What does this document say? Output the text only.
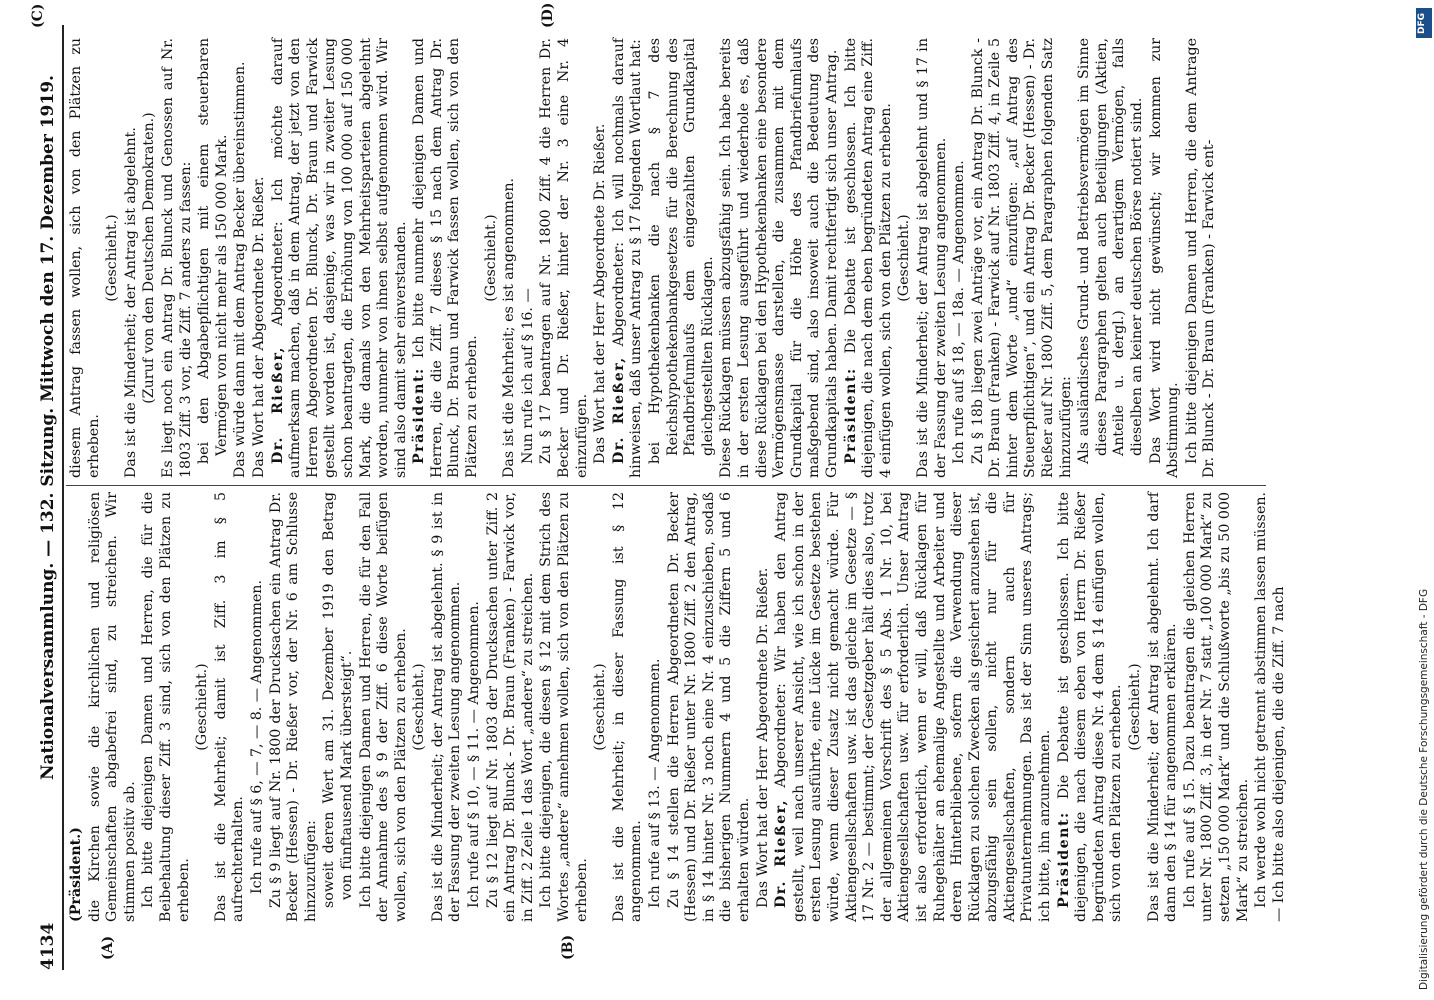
4134
Nationalversammlung. — 132. Sitzung. Mittwoch den 17. Dezember 1919.
(A)	(B)
(C)	(D)

(Präsident.) die Kirchen sowie die kirchlichen und religiösen Gemeinschaften abgabefrei sind, zu streichen. Wir stimmen positiv ab. Ich bitte diejenigen Damen und Herren, die für die Beibehaltung dieser Ziff. 3 sind, sich von den Plätzen zu erheben.

(Geschieht.) Das ist die Mehrheit; damit ist Ziff. 3 im § 5 aufrechterhalten. Ich rufe auf § 6, — 7, — 8. — Angenommen. Zu § 9 liegt auf Nr. 1800 der Drucksachen ein Antrag Dr. Becker (Hessen) - Dr. Rießer vor, der Nr. 6 am Schlusse hinzuzufügen: soweit deren Wert am 31. Dezember 1919 den Betrag von fünftausend Mark übersteigt“. Ich bitte diejenigen Damen und Herren, die für den Fall der Annahme des § 9 der Ziff. 6 diese Worte beifügen wollen, sich von den Plätzen zu erheben. (Geschieht.) Das ist die Minderheit; der Antrag ist abgelehnt. § 9 ist in der Fassung der zweiten Lesung angenommen. Ich rufe auf § 10, — § 11. — Angenommen. Zu § 12 liegt auf Nr. 1803 der Drucksachen unter Ziff. 2 ein Antrag Dr. Blunck - Dr. Braun (Franken) - Farwick vor, in Ziff. 2 Zeile 1 das Wort „andere“ zu streichen. Ich bitte diejenigen, die diesen § 12 mit dem Strich des Wortes „andere“ annehmen wollen, sich von den Plätzen zu erheben.

(Geschieht.) Das ist die Mehrheit; in dieser Fassung ist § 12 angenommen. Ich rufe auf § 13. — Angenommen. Zu § 14 stellen die Herren Abgeordneten Dr. Becker (Hessen) und Dr. Rießer unter Nr. 1800 Ziff. 2 den Antrag, in § 14 hinter Nr. 3 noch eine Nr. 4 einzuschieben, sodaß die bisherigen Nummern 4 und 5 die Ziffern 5 und 6 erhalten würden. Das Wort hat der Herr Abgeordnete Dr. Rießer. Dr. Rießer, Abgeordneter: Wir haben den Antrag gestellt, weil nach unserer Ansicht, wie ich schon in der ersten Lesung ausführte, eine Lücke im Gesetze bestehen würde, wenn dieser Zusatz nicht gemacht würde. Für Aktiengesellschaften usw. ist das gleiche im Gesetze — § 17 Nr. 2 — bestimmt; der Gesetzgeber hält dies also, trotz der allgemeinen Vorschrift des § 5 Abs. 1 Nr. 10, bei Aktiengesellschaften usw. für erforderlich. Unser Antrag ist also erforderlich, wenn er will, daß Rücklagen für Ruhegehälter an ehemalige Angestellte und Arbeiter und deren Hinterbliebene, sofern die Verwendung dieser Rücklagen zu solchen Zwecken als gesichert anzusehen ist, abzugsfähig sein sollen, nicht nur für die Aktiengesellschaften, sondern auch für Privatunternehmungen. Das ist der Sinn unseres Antrags; ich bitte, ihn anzunehmen. Präsident: Die Debatte ist geschlossen. Ich bitte diejenigen, die nach diesem eben von Herrn Dr. Rießer begründeten Antrag diese Nr. 4 dem § 14 einfügen wollen, sich von den Plätzen zu erheben. (Geschieht.) Das ist die Minderheit; der Antrag ist abgelehnt. Ich darf dann den § 14 für angenommen erklären. Ich rufe auf § 15. Dazu beantragen die gleichen Herren unter Nr. 1800 Ziff. 3, in der Nr. 7 statt „100 000 Mark“ zu setzen „150 000 Mark“ und die Schlußworte „bis zu 50 000 Mark“ zu streichen. Ich werde wohl nicht getrennt abstimmen lassen müssen. — Ich bitte also diejenigen, die die Ziff. 7 nach

diesem Antrag fassen wollen, sich von den Plätzen zu erheben.

(Geschieht.) Das ist die Minderheit; der Antrag ist abgelehnt. (Zuruf von den Deutschen Demokraten.) Es liegt noch ein Antrag Dr. Blunck und Genossen auf Nr. 1803 Ziff. 3 vor, die Ziff. 7 anders zu fassen: bei den Abgabepflichtigen mit einem steuerbaren Vermögen von nicht mehr als 150 000 Mark. Das würde dann mit dem Antrag Becker übereinstimmen. Das Wort hat der Abgeordnete Dr. Rießer. Dr. Rießer, Abgeordneter: Ich möchte darauf aufmerksam machen, daß in dem Antrag, der jetzt von den Herren Abgeordneten Dr. Blunck, Dr. Braun und Farwick gestellt worden ist, dasjenige, was wir in zweiter Lesung schon beantragten, die Erhöhung von 100 000 auf 150 000 Mark, die damals von den Mehrheitsparteien abgelehnt worden, nunmehr von ihnen selbst aufgenommen wird. Wir sind also damit sehr einverstanden. Präsident: Ich bitte nunmehr diejenigen Damen und Herren, die die Ziff. 7 dieses § 15 nach dem Antrag Dr. Blunck, Dr. Braun und Farwick fassen wollen, sich von den Plätzen zu erheben.

(Geschieht.) Das ist die Mehrheit; es ist angenommen. Nun rufe ich auf § 16. — Zu § 17 beantragen auf Nr. 1800 Ziff. 4 die Herren Dr. Becker und Dr. Rießer, hinter der Nr. 3 eine Nr. 4 einzufügen. Das Wort hat der Herr Abgeordnete Dr. Rießer. Dr. Rießer, Abgeordneter: Ich will nochmals darauf hinweisen, daß unser Antrag zu § 17 folgenden Wortlaut hat: bei Hypothekenbanken die nach § 7 des Reichshypothekenbankgesetzes für die Berechnung des Pfandbriefumlaufs dem eingezahlten Grundkapital gleichgestellten Rücklagen. Diese Rücklagen müssen abzugsfähig sein. Ich habe bereits in der ersten Lesung ausgeführt und wiederhole es, daß diese Rücklagen bei den Hypothekenbanken eine besondere Vermögensmasse darstellen, die zusammen mit dem Grundkapital für die Höhe des Pfandbriefumlaufs maßgebend sind, also insoweit auch die Bedeutung des Grundkapitals haben. Damit rechtfertigt sich unser Antrag. Präsident: Die Debatte ist geschlossen. Ich bitte diejenigen, die nach dem eben begründeten Antrag eine Ziff. 4 einfügen wollen, sich von den Plätzen zu erheben. (Geschieht.) Das ist die Minderheit; der Antrag ist abgelehnt und § 17 in der Fassung der zweiten Lesung angenommen. Ich rufe auf § 18, — 18a. — Angenommen. Zu § 18b liegen zwei Anträge vor, ein Antrag Dr. Blunck - Dr. Braun (Franken) - Farwick auf Nr. 1803 Ziff. 4, in Zeile 5 hinter dem Worte „und“ einzufügen: „auf Antrag des Steuerpflichtigen“, und ein Antrag Dr. Becker (Hessen) - Dr. Rießer auf Nr. 1800 Ziff. 5, dem Paragraphen folgenden Satz hinzuzufügen: Als ausländisches Grund- und Betriebsvermögen im Sinne dieses Paragraphen gelten auch Beteiligungen (Aktien, Anteile u. dergl.) an derartigem Vermögen, falls dieselben an keiner deutschen Börse notiert sind. Das Wort wird nicht gewünscht; wir kommen zur Abstimmung. Ich bitte diejenigen Damen und Herren, die dem Antrage Dr. Blunck - Dr. Braun (Franken) - Farwick ent-

Digitalisierung gefördert durch die Deutsche Forschungsgemeinschaft - DFG
DFG
